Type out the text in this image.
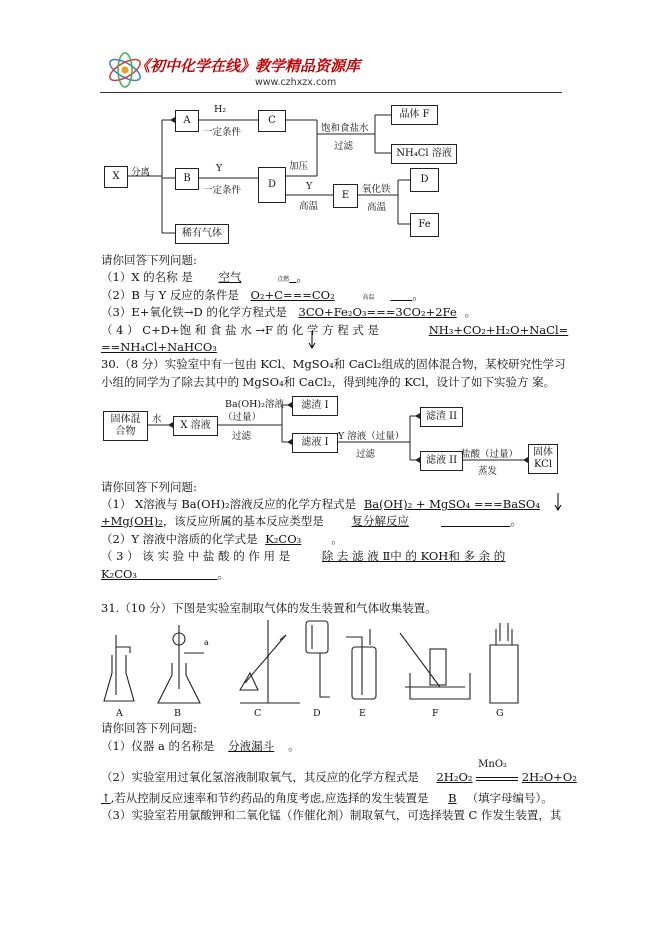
《初中化学在线》教学精品资源库
www.czhxzx.com
X
A
B
C
D
E
D
Fe
晶体 F
NH₄Cl 溶液
稀有气体
分离
H₂
一定条件
Y
一定条件
饱和食盐水
过滤
加压
Y
高温
氧化铁
高温
请你回答下列问题:
（1）X 的名称 是 空气	点燃 。
（2）B 与 Y 反应的条件是 O₂+C===CO₂	高温	。
（3）E+氧化铁→D 的化学方程式是 3CO+Fe₂O₃===3CO₂+2Fe 。
（ 4 ） C+D+饱 和 食 盐 水 →F 的 化 学 方 程 式 是	NH₃+CO₂+H₂O+NaCl=
==NH₄Cl+NaHCO₃
30.（8 分）实验室中有一包由 KCl、MgSO₄和 CaCl₂组成的固体混合物，某校研究性学习
小组的同学为了除去其中的 MgSO₄和 CaCl₂，得到纯净的 KCl，设计了如下实验方 案。
固体混合物
X 溶液
滤渣 I
滤液 I
滤渣 II
滤液 II
固体KCl
水
Ba(OH)₂溶液
（过量）
过滤	Y 溶液（过量）
过滤	盐酸（过量）
蒸发
请你回答下列问题:
（1） X溶液与 Ba(OH)₂溶液反应的化学方程式是 Ba(OH)₂ + MgSO₄ ===BaSO₄
+Mg(OH)₂，该反应所属的基本反应类型是 复分解反应	。
（2）Y 溶液中溶质的化学式是 K₂CO₃	。
（ 3 ） 该 实 验 中 盐 酸 的 作 用 是	除 去 滤 液 Ⅱ中 的 KOH和 多 余 的
K₂CO₃	。
31.（10 分）下图是实验室制取气体的发生装置和气体收集装置。
a
A	B	C	D	E	F	G
请你回答下列问题:
（1）仪器 a 的名称是 分液漏斗 。
（2）实验室用过氧化氢溶液制取氧气，其反应的化学方程式是 2H₂O₂
MnO₂
2H₂O+O₂
↑,若从控制反应速率和节约药品的角度考虑,应选择的发生装置是 B （填字母编号）。
（3）实验室若用氯酸钾和二氧化锰（作催化剂）制取氧气，可选择装置 C 作发生装置，其
